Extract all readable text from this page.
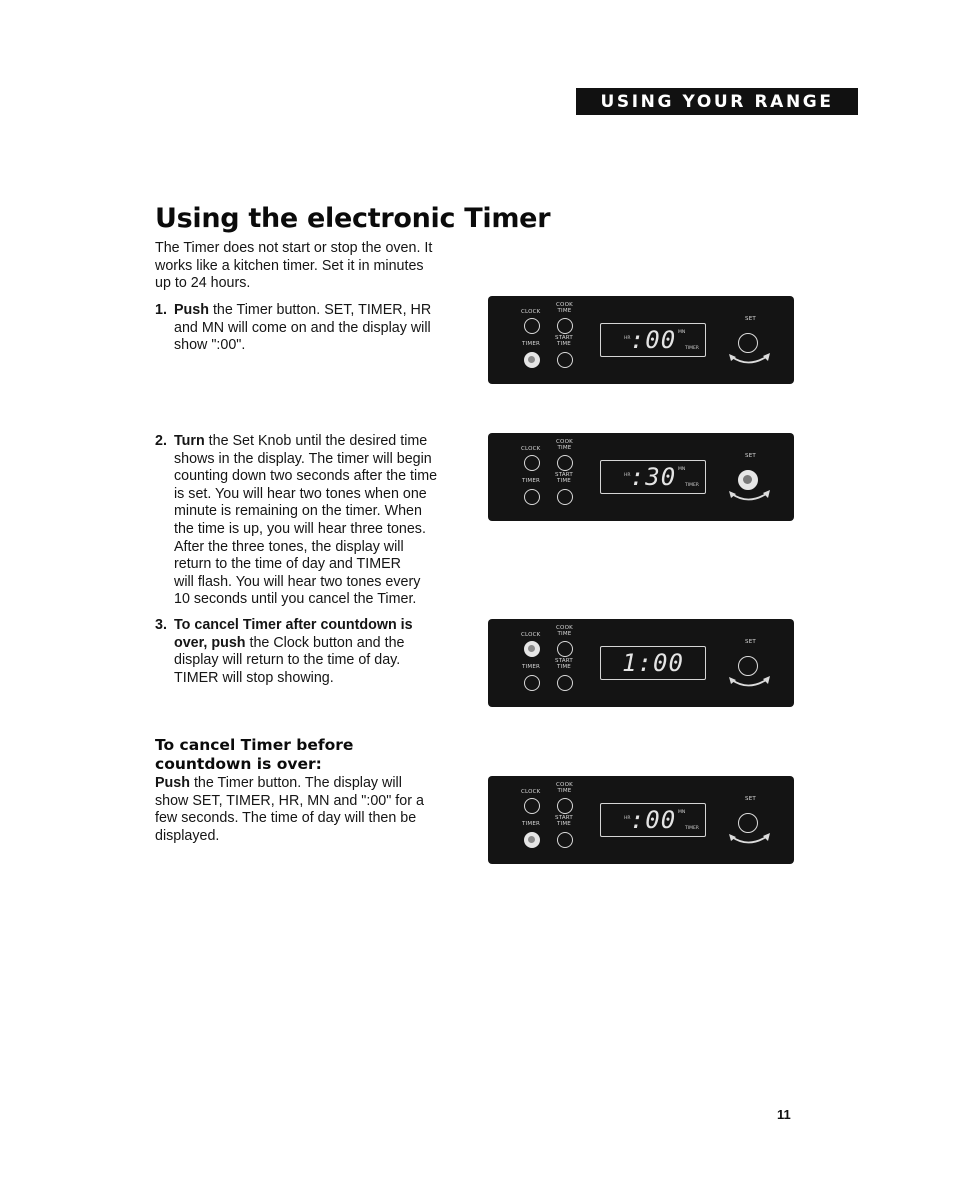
USING YOUR RANGE
Using the electronic Timer

The Timer does not start or stop the oven. It
works like a kitchen timer. Set it in minutes
up to 24 hours.

1. Push the Timer button. SET, TIMER, HR
and MN will come on and the display will
show ":00".

2. Turn the Set Knob until the desired time
shows in the display. The timer will begin
counting down two seconds after the time
is set. You will hear two tones when one
minute is remaining on the timer. When
the time is up, you will hear three tones.
After the three tones, the display will
return to the time of day and TIMER
will flash. You will hear two tones every
10 seconds until you cancel the Timer.

3. To cancel Timer after countdown is
over, push the Clock button and the
display will return to the time of day.
TIMER will stop showing.

To cancel Timer before
countdown is over:

Push the Timer button. The display will
show SET, TIMER, HR, MN and ":00" for a
few seconds. The time of day will then be
displayed.

CLOCK
COOK
TIME
TIMER
START
TIME
SET
:00
HR
MN
TIMER
CLOCK
COOK
TIME
TIMER
START
TIME
SET
:30
HR
MN
TIMER
CLOCK
COOK
TIME
TIMER
START
TIME
SET
1:00
CLOCK
COOK
TIME
TIMER
START
TIME
SET
:00
HR
MN
TIMER
11
